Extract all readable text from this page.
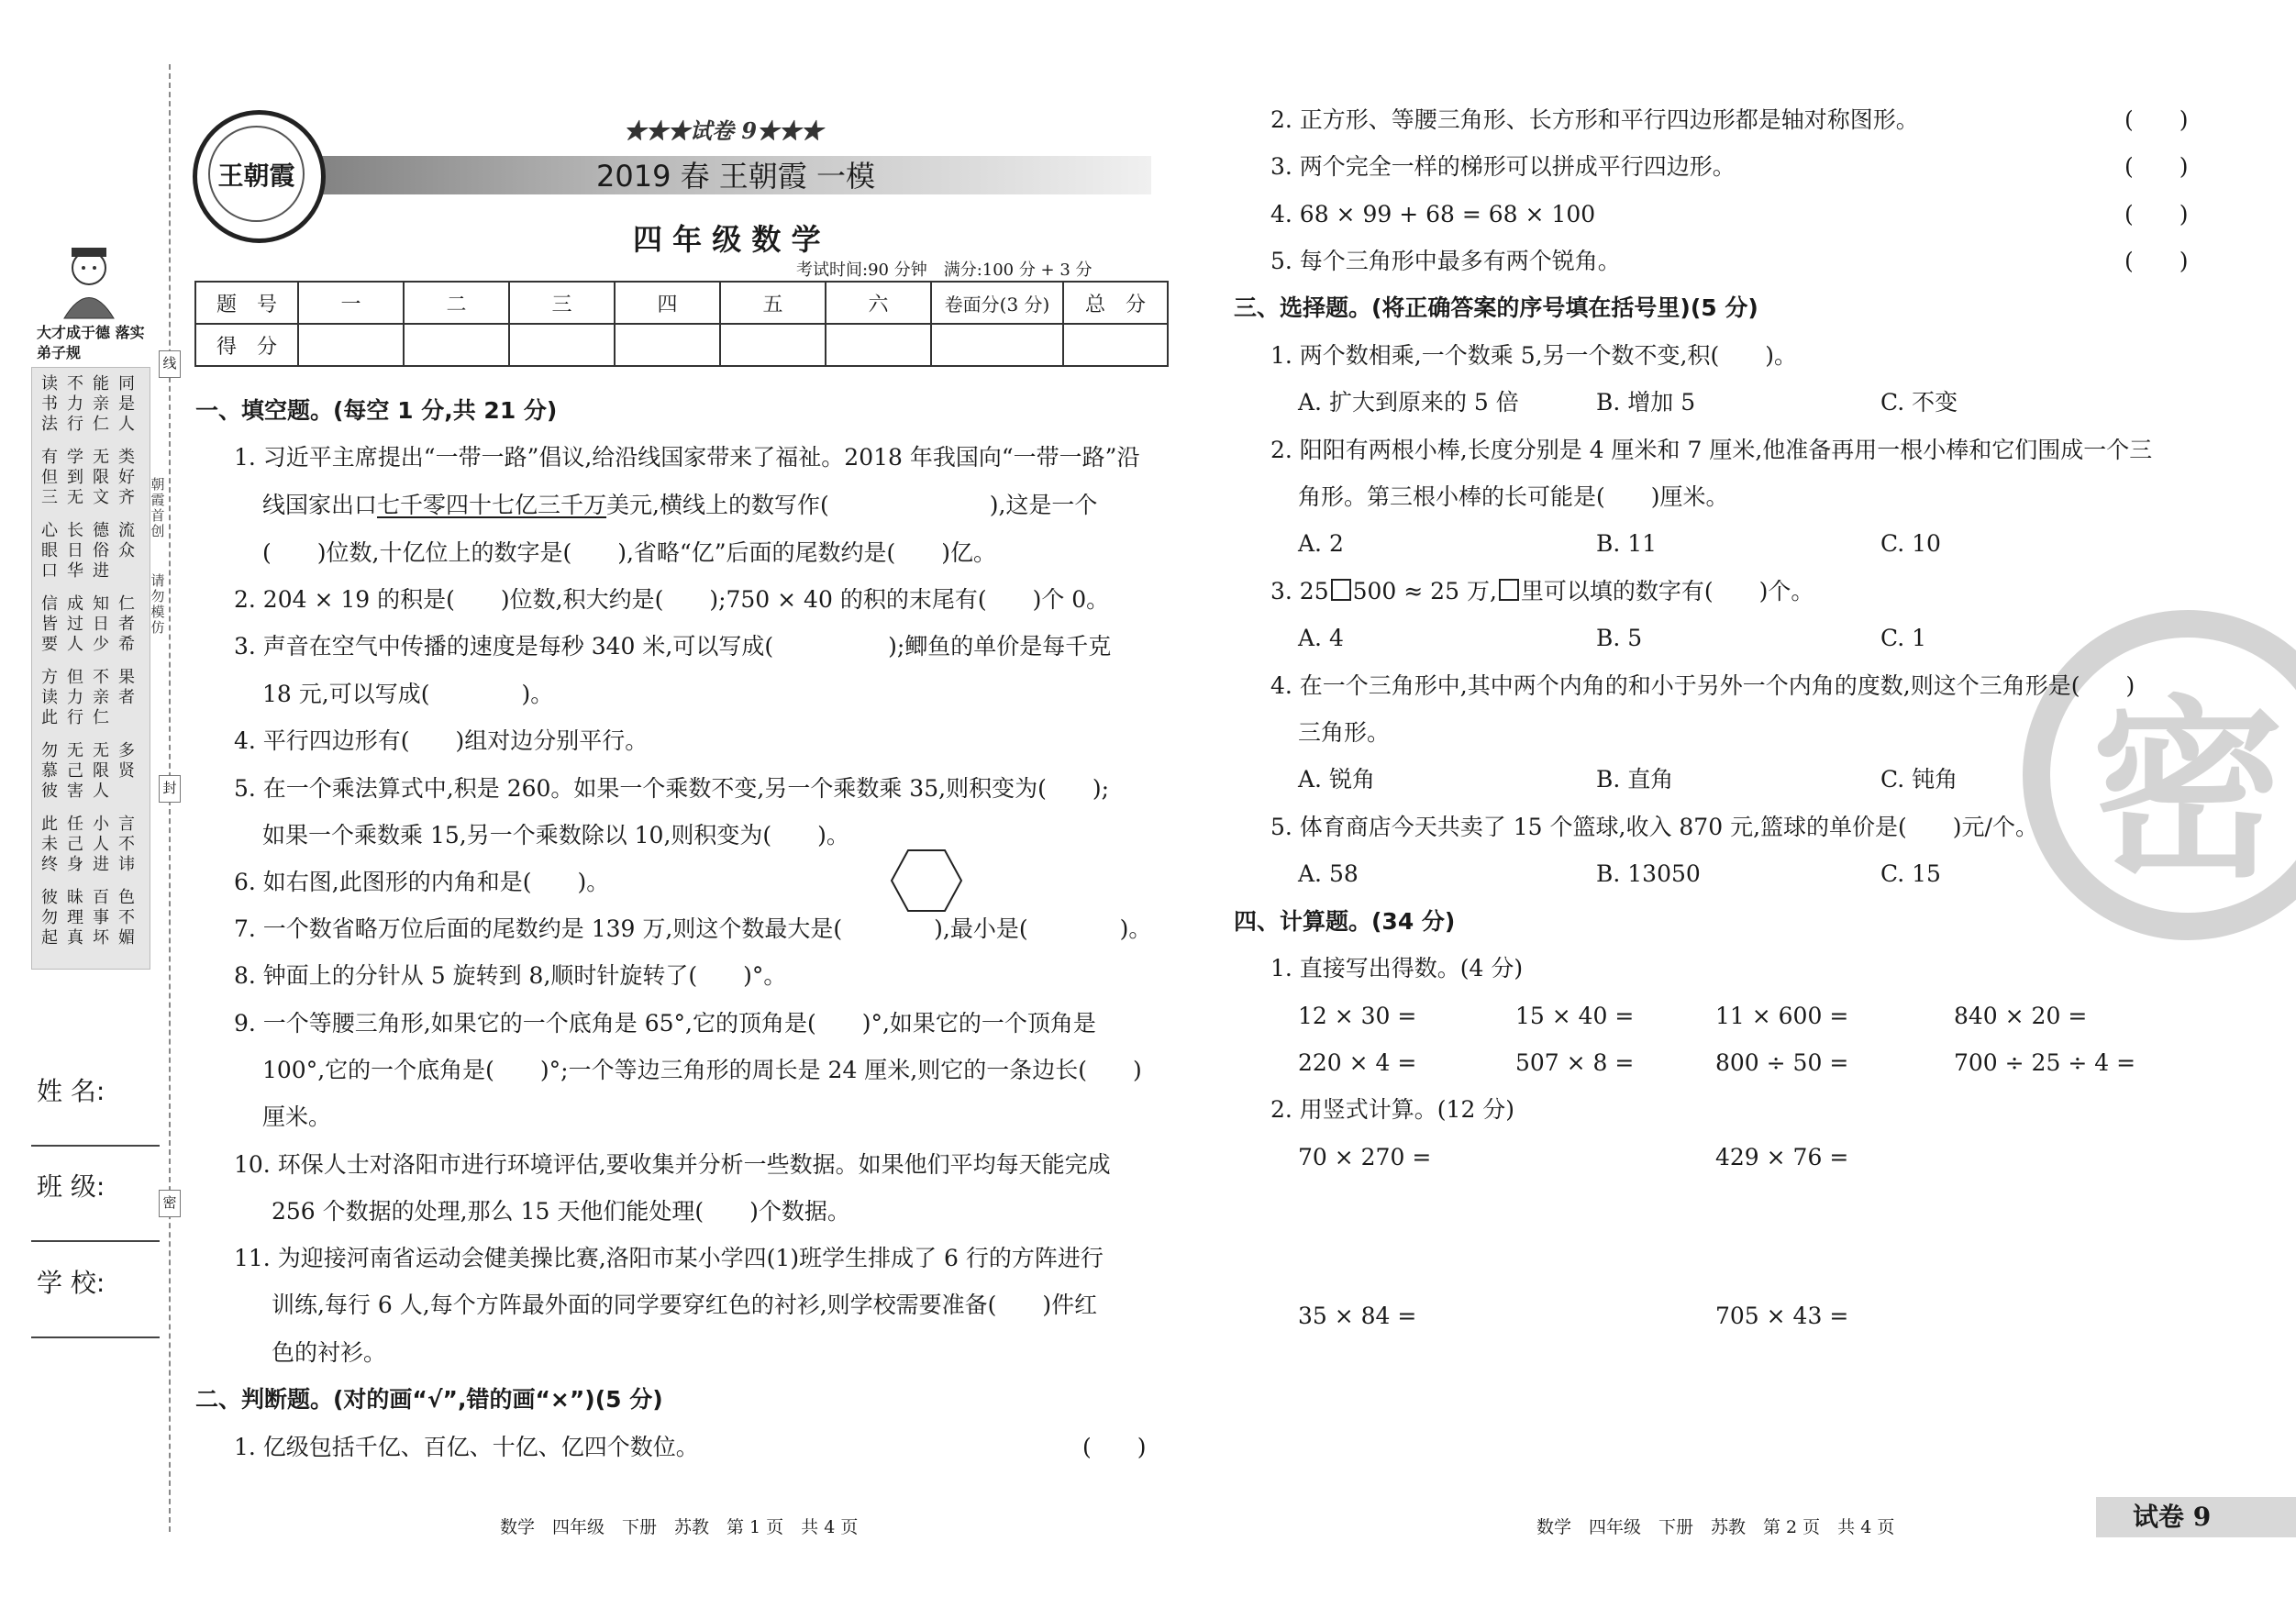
大才成于德 落实弟子规
读书法
不力行
能亲仁
同是人
有但三
学到无
无限文
类好齐
心眼口
长日华
德俗进
流众
信皆要
成过人
知日少
仁者希
方读此
但力行
不亲仁
果者
勿慕彼
无己害
无限人
多贤
此未终
任己身
小人进
言不讳
彼勿起
昧理真
百事坏
色不媚
朝霞首创
请勿模仿
线
封
密
姓 名:
班 级:
学 校:
王朝霞
★★★试卷 9★★★
2019 春 王朝霞 一模
四 年 级 数 学
考试时间:90 分钟　满分:100 分 + 3 分
题　号	一	二	三	四	五	六	卷面分(3 分)	总　分
得　分								
一、填空题。(每空 1 分,共 21 分)
1. 习近平主席提出“一带一路”倡议,给沿线国家带来了福祉。2018 年我国向“一带一路”沿
线国家出口七千零四十七亿三千万美元,横线上的数写作(　　　　　　　),这是一个
(　　)位数,十亿位上的数字是(　　),省略“亿”后面的尾数约是(　　)亿。
2. 204 × 19 的积是(　　)位数,积大约是(　　);750 × 40 的积的末尾有(　　)个 0。
3. 声音在空气中传播的速度是每秒 340 米,可以写成(　　　　　);鲫鱼的单价是每千克
18 元,可以写成(　　　　)。
4. 平行四边形有(　　)组对边分别平行。
5. 在一个乘法算式中,积是 260。如果一个乘数不变,另一个乘数乘 35,则积变为(　　);
如果一个乘数乘 15,另一个乘数除以 10,则积变为(　　)。
6. 如右图,此图形的内角和是(　　)。
7. 一个数省略万位后面的尾数约是 139 万,则这个数最大是(　　　　),最小是(　　　　)。
8. 钟面上的分针从 5 旋转到 8,顺时针旋转了(　　)°。
9. 一个等腰三角形,如果它的一个底角是 65°,它的顶角是(　　)°,如果它的一个顶角是
100°,它的一个底角是(　　)°;一个等边三角形的周长是 24 厘米,则它的一条边长(　　)
厘米。
10. 环保人士对洛阳市进行环境评估,要收集并分析一些数据。如果他们平均每天能完成
256 个数据的处理,那么 15 天他们能处理(　　)个数据。
11. 为迎接河南省运动会健美操比赛,洛阳市某小学四(1)班学生排成了 6 行的方阵进行
训练,每行 6 人,每个方阵最外面的同学要穿红色的衬衫,则学校需要准备(　　)件红
色的衬衫。
二、判断题。(对的画“√”,错的画“×”)(5 分)
1. 亿级包括千亿、百亿、十亿、亿四个数位。	(　　)
2. 正方形、等腰三角形、长方形和平行四边形都是轴对称图形。	(　　)
3. 两个完全一样的梯形可以拼成平行四边形。	(　　)
4. 68 × 99 + 68 = 68 × 100	(　　)
5. 每个三角形中最多有两个锐角。	(　　)
密
三、选择题。(将正确答案的序号填在括号里)(5 分)
1. 两个数相乘,一个数乘 5,另一个数不变,积(　　)。
A. 扩大到原来的 5 倍	B. 增加 5	C. 不变
2. 阳阳有两根小棒,长度分别是 4 厘米和 7 厘米,他准备再用一根小棒和它们围成一个三
角形。第三根小棒的长可能是(　　)厘米。
A. 2	B. 11	C. 10
3. 25 500 ≈ 25 万, 里可以填的数字有(　　)个。
A. 4	B. 5	C. 1
4. 在一个三角形中,其中两个内角的和小于另外一个内角的度数,则这个三角形是(　　)
三角形。
A. 锐角	B. 直角	C. 钝角
5. 体育商店今天共卖了 15 个篮球,收入 870 元,篮球的单价是(　　)元/个。
A. 58	B. 13050	C. 15
四、计算题。(34 分)
1. 直接写出得数。(4 分)
12 × 30 =	15 × 40 =	11 × 600 =	840 × 20 =
220 × 4 =	507 × 8 =	800 ÷ 50 =	700 ÷ 25 ÷ 4 =
2. 用竖式计算。(12 分)
70 × 270 =	429 × 76 =
35 × 84 =	705 × 43 =
数学　四年级　下册　苏教　第 1 页　共 4 页	数学　四年级　下册　苏教　第 2 页　共 4 页	试卷 9
